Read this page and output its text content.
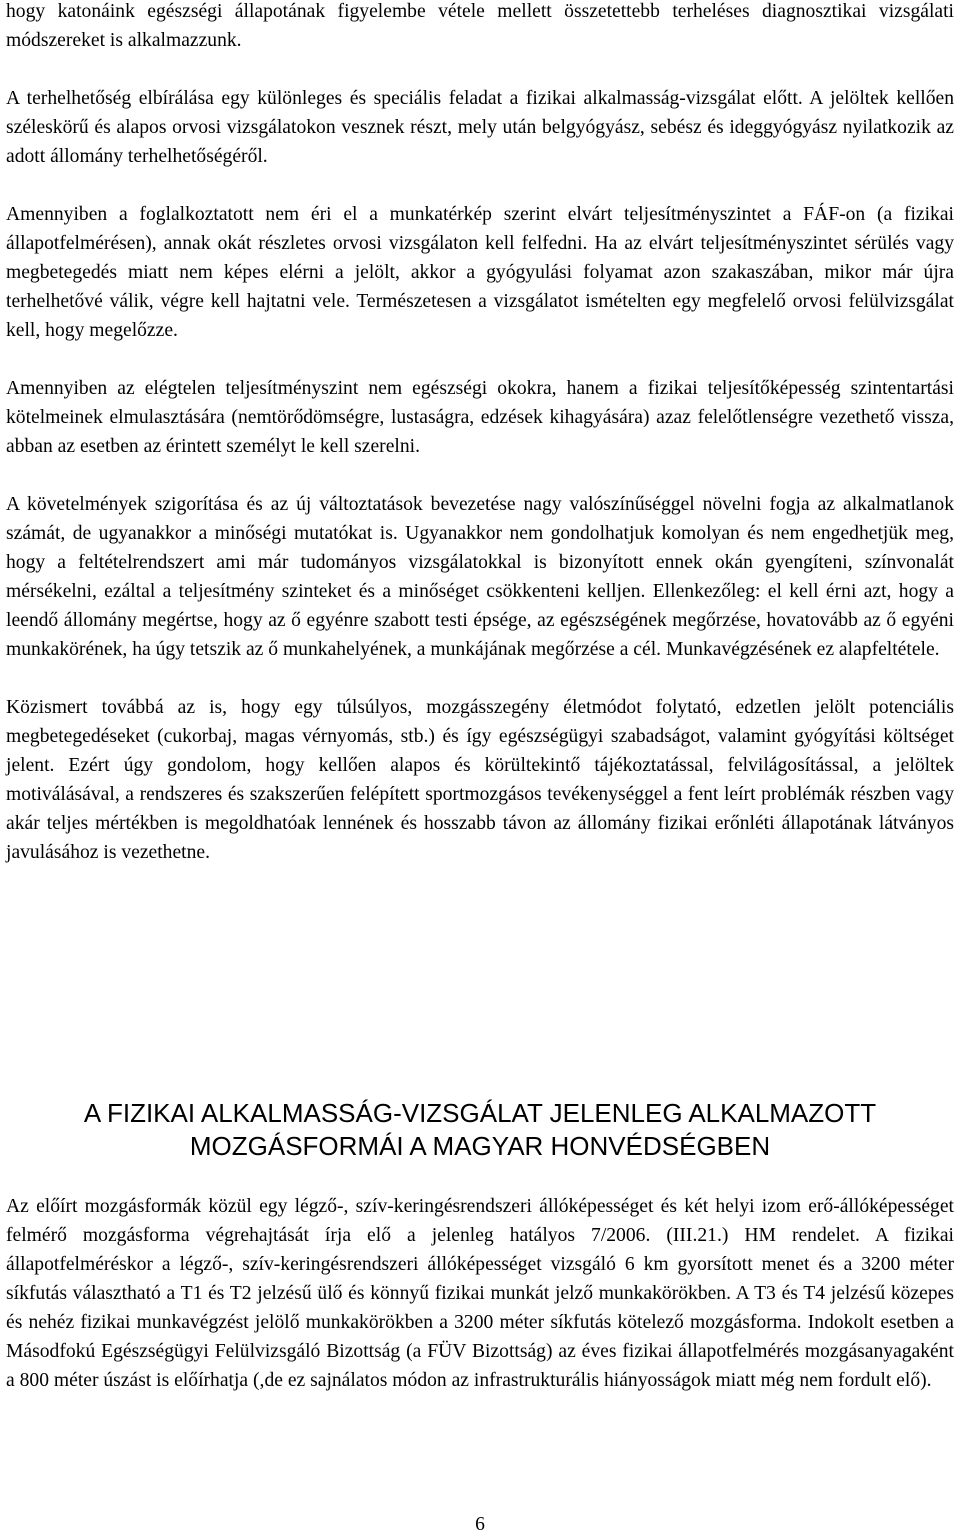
hogy katonáink egészségi állapotának figyelembe vétele mellett összetettebb terheléses diagnosztikai vizsgálati módszereket is alkalmazzunk.

A terhelhetőség elbírálása egy különleges és speciális feladat a fizikai alkalmasság-vizsgálat előtt. A jelöltek kellően széleskörű és alapos orvosi vizsgálatokon vesznek részt, mely után belgyógyász, sebész és ideggyógyász nyilatkozik az adott állomány terhelhetőségéről.

Amennyiben a foglalkoztatott nem éri el a munkatérkép szerint elvárt teljesítményszintet a FÁF-on (a fizikai állapotfelmérésen), annak okát részletes orvosi vizsgálaton kell felfedni. Ha az elvárt teljesítményszintet sérülés vagy megbetegedés miatt nem képes elérni a jelölt, akkor a gyógyulási folyamat azon szakaszában, mikor már újra terhelhetővé válik, végre kell hajtatni vele. Természetesen a vizsgálatot ismételten egy megfelelő orvosi felülvizsgálat kell, hogy megelőzze.

Amennyiben az elégtelen teljesítményszint nem egészségi okokra, hanem a fizikai teljesítőképesség szintentartási kötelmeinek elmulasztására (nemtörődömségre, lustaságra, edzések kihagyására) azaz felelőtlenségre vezethető vissza, abban az esetben az érintett személyt le kell szerelni.

A követelmények szigorítása és az új változtatások bevezetése nagy valószínűséggel növelni fogja az alkalmatlanok számát, de ugyanakkor a minőségi mutatókat is. Ugyanakkor nem gondolhatjuk komolyan és nem engedhetjük meg, hogy a feltételrendszert ami már tudományos vizsgálatokkal is bizonyított ennek okán gyengíteni, színvonalát mérsékelni, ezáltal a teljesítmény szinteket és a minőséget csökkenteni kelljen. Ellenkezőleg: el kell érni azt, hogy a leendő állomány megértse, hogy az ő egyénre szabott testi épsége, az egészségének megőrzése, hovatovább az ő egyéni munkakörének, ha úgy tetszik az ő munkahelyének, a munkájának megőrzése a cél. Munkavégzésének ez alapfeltétele.

Közismert továbbá az is, hogy egy túlsúlyos, mozgásszegény életmódot folytató, edzetlen jelölt potenciális megbetegedéseket (cukorbaj, magas vérnyomás, stb.) és így egészségügyi szabadságot, valamint gyógyítási költséget jelent. Ezért úgy gondolom, hogy kellően alapos és körültekintő tájékoztatással, felvilágosítással, a jelöltek motiválásával, a rendszeres és szakszerűen felépített sportmozgásos tevékenységgel a fent leírt problémák részben vagy akár teljes mértékben is megoldhatóak lennének és hosszabb távon az állomány fizikai erőnléti állapotának látványos javulásához is vezethetne.

A FIZIKAI ALKALMASSÁG-VIZSGÁLAT JELENLEG ALKALMAZOTT
MOZGÁSFORMÁI A MAGYAR HONVÉDSÉGBEN

Az előírt mozgásformák közül egy légző-, szív-keringésrendszeri állóképességet és két helyi izom erő-állóképességet felmérő mozgásforma végrehajtását írja elő a jelenleg hatályos 7/2006. (III.21.) HM rendelet. A fizikai állapotfelméréskor a légző-, szív-keringésrendszeri állóképességet vizsgáló 6 km gyorsított menet és a 3200 méter síkfutás választható a T1 és T2 jelzésű ülő és könnyű fizikai munkát jelző munkakörökben. A T3 és T4 jelzésű közepes és nehéz fizikai munkavégzést jelölő munkakörökben a 3200 méter síkfutás kötelező mozgásforma. Indokolt esetben a Másodfokú Egészségügyi Felülvizsgáló Bizottság (a FÜV Bizottság) az éves fizikai állapotfelmérés mozgásanyagaként a 800 méter úszást is előírhatja (,de ez sajnálatos módon az infrastrukturális hiányosságok miatt még nem fordult elő).

6
